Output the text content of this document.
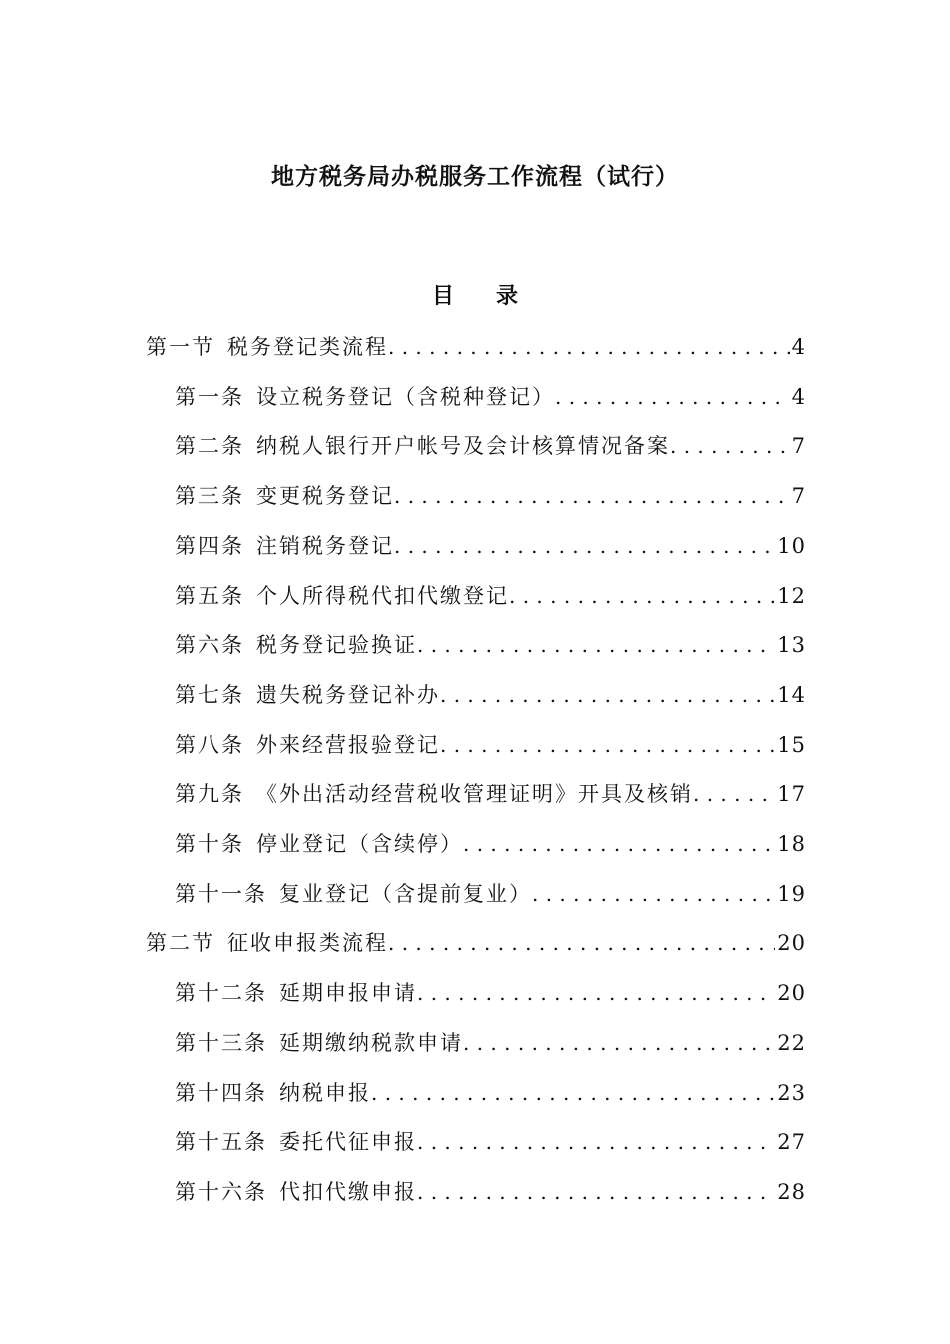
地方税务局办税服务工作流程（试行）
目 录
第一节 税务登记类流程 . . .	4
第一条 设立税务登记（含税种登记） . . .	4
第二条 纳税人银行开户帐号及会计核算情况备案 . . .	7
第三条 变更税务登记 . . .	7
第四条 注销税务登记 . . .	10
第五条 个人所得税代扣代缴登记 . . .	12
第六条 税务登记验换证 . . .	13
第七条 遗失税务登记补办 . . .	14
第八条 外来经营报验登记 . . .	15
第九条 《外出活动经营税收管理证明》开具及核销 . . .	17
第十条 停业登记（含续停） . . .	18
第十一条 复业登记（含提前复业） . . .	19
第二节 征收申报类流程 . . .	20
第十二条 延期申报申请 . . .	20
第十三条 延期缴纳税款申请 . . .	22
第十四条 纳税申报 . . .	23
第十五条 委托代征申报 . . .	27
第十六条 代扣代缴申报 . . .	28
